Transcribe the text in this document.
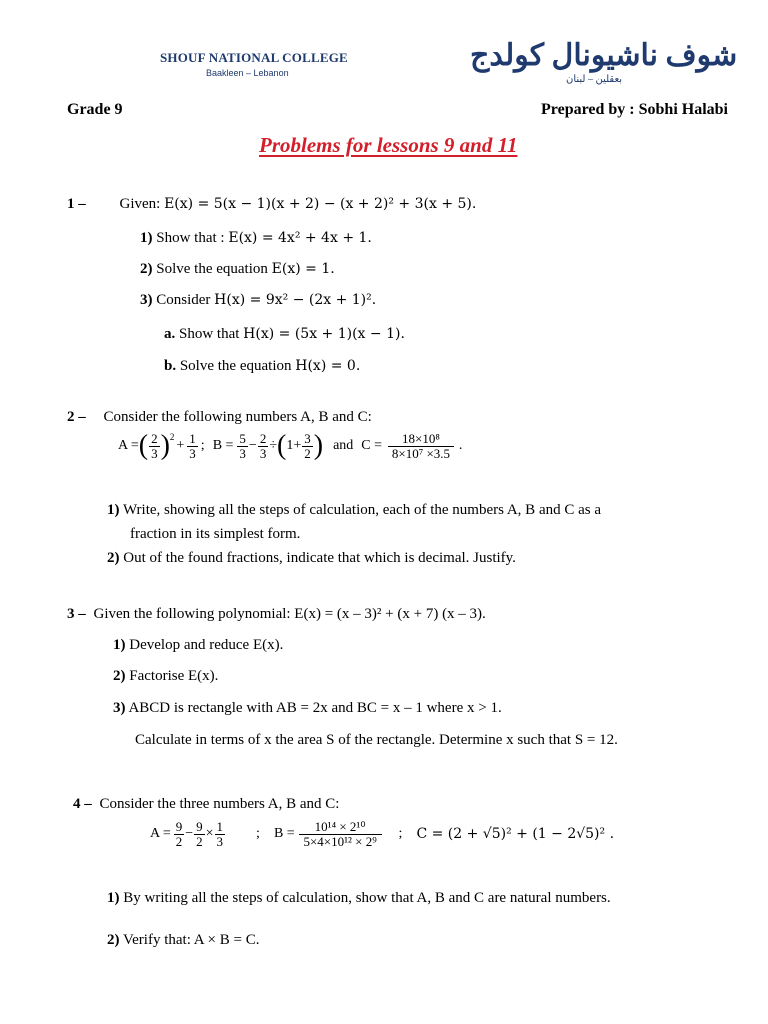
SHOUF NATIONAL COLLEGE
Baakleen – Lebanon
ﺷﻮﻑ ﻧﺎﺷﻴﻮﻧﺎﻝ ﻛﻮﻟﺪﺝ
ﺑﻌﻘﻠﻴﻦ – ﻟﺒﻨﺎﻥ
Grade 9	Prepared by : Sobhi Halabi
Problems for lessons 9 and 11
1 – Given: E(x) = 5(x − 1)(x + 2) − (x + 2)² + 3(x + 5).
1) Show that : E(x) = 4x² + 4x + 1.
2) Solve the equation E(x) = 1.
3) Consider H(x) = 9x² − (2x + 1)².
a. Show that H(x) = (5x + 1)(x − 1).
b. Solve the equation H(x) = 0.
2 – Consider the following numbers A, B and C:
A = ( $\frac{2}{3} )^2$
+ $\frac{1}{3}$ ; $B = \frac{5}{3} - \frac{2}{3}$ ÷ ( $1+ \frac{3}{2}$ ) and $C = \frac{\text{18×10⁸}}{\text{8×10⁷ ×3.5}}$ .
1) Write, showing all the steps of calculation, each of the numbers A, B and C as a
fraction in its simplest form.
2) Out of the found fractions, indicate that which is decimal. Justify.
3 – Given the following polynomial: E(x) = (x – 3)² + (x + 7) (x – 3).
1) Develop and reduce E(x).
2) Factorise E(x).
3) ABCD is rectangle with AB = 2x and BC = x – 1 where x > 1.
Calculate in terms of x the area S of the rectangle. Determine x such that S = 12.
4 – Consider the three numbers A, B and C:
$A = \frac{9}{2} - \frac{9}{2} \times \frac{1}{3}$ ; $B = \frac{\text{10¹⁴ × 2¹⁰}}{\text{5×4×10¹² × 2⁹}}$ ; C = (2 + √5)² + (1 − 2√5)² .
1) By writing all the steps of calculation, show that A, B and C are natural numbers.
2) Verify that: A × B = C.
